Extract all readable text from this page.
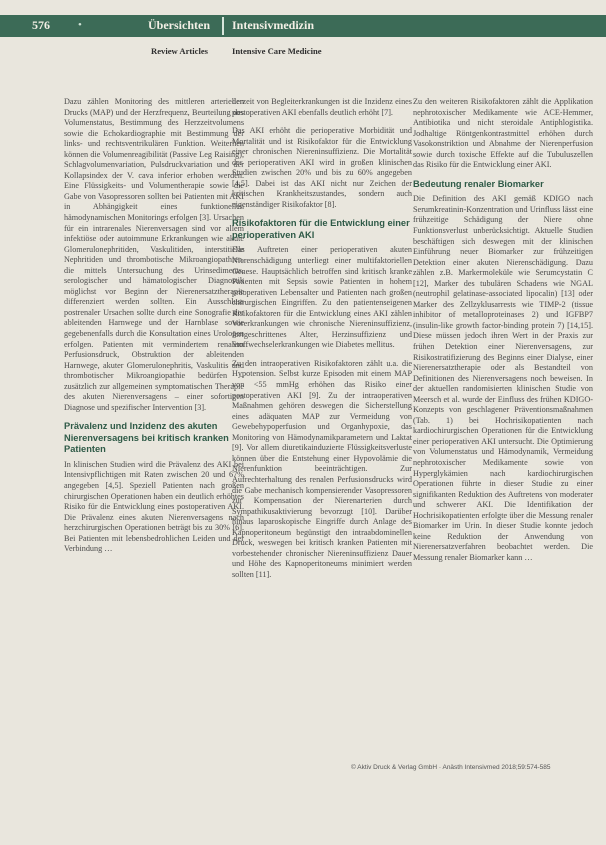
576	•	Übersichten Intensivmedizin
Review Articles	Intensive Care Medicine

Dazu zählen Monitoring des mittleren arteriellen Drucks (MAP) und der Herzfrequenz, Beurteilung des Volumenstatus, Bestimmung des Herzzeitvolumens sowie die Echokardiographie mit Bestimmung der links- und rechtsventrikulären Funktion. Weiterhen können die Volumenreagibilität (Passive Leg Raising), Schlagvolumenvariation, Pulsdruckvariation und der Kollapsindex der V. cava inferior erhoben werden. Eine Flüssigkeits- und Volumentherapie sowie die Gabe von Vasopressoren sollten bei Patienten mit AKI in Abhängigkeit eines funktionellen hämodynamischen Monitorings erfolgen [3]. Ursachen für ein intrarenales Nierenversagen sind vor allem infektiöse oder autoimmune Erkrankungen wie akute Glomerulonephritiden, Vaskulitiden, interstitielle Nephritiden und thrombotische Mikroangiopathien, die mittels Untersuchung des Urinsediments, serologischer und hämatologischer Diagnostik möglichst vor Beginn der Nierenersatztherapie differenziert werden sollten. Ein Ausschluss postrenaler Ursachen sollte durch eine Sonografie der ableitenden Harnwege und der Harnblase sowie gegebenenfalls durch die Konsultation eines Urologen erfolgen. Patienten mit vermindertem renalem Perfusionsdruck, Obstruktion der ableitenden Harnwege, akuter Glomerulonephritis, Vaskulitis und thrombotischer Mikroangiopathie bedürfen – zusätzlich zur allgemeinen symptomatischen Therapie des akuten Nierenversagens – einer sofortigen Diagnose und spezifischer Intervention [3].

Prävalenz und Inzidenz des akuten Nierenversagens bei kritisch kranken Patienten

In klinischen Studien wird die Prävalenz des AKI bei Intensivpflichtigen mit Raten zwischen 20 und 67% angegeben [4,5]. Speziell Patienten nach großen chirurgischen Operationen haben ein deutlich erhöhtes Risiko für die Entwicklung eines postoperativen AKI. Die Prävalenz eines akuten Nierenversagens nach herzchirurgischen Operationen beträgt bis zu 30% [6]. Bei Patienten mit lebensbedrohlichen Leiden und der Verbindung …

derzeit von Begleiterkrankungen ist die Inzidenz eines postoperativen AKI ebenfalls deutlich erhöht [7].

Das AKI erhöht die perioperative Morbidität und Mortalität und ist Risikofaktor für die Entwicklung einer chronischen Niereninsuffizienz. Die Mortalität des perioperativen AKI wird in großen klinischen Studien zwischen 20% und bis zu 60% angegeben [4,5]. Dabei ist das AKI nicht nur Zeichen der kritischen Krankheitszustandes, sondern auch eigenständiger Risikofaktor [8].

Risikofaktoren für die Entwicklung einer perioperativen AKI

Das Auftreten einer perioperativen akuten Nierenschädigung unterliegt einer multifaktoriellen Genese. Hauptsächlich betroffen sind kritisch kranke Patienten mit Sepsis sowie Patienten in hohem präoperativen Lebensalter und Patienten nach großen chirurgischen Eingriffen. Zu den patientenseigenen Risikofaktoren für die Entwicklung eines AKI zählen Vorerkrankungen wie chronische Niereninsuffizienz, fortgeschrittenes Alter, Herzinsuffizienz und Stoffwechselerkrankungen wie Diabetes mellitus.

Zu den intraoperativen Risikofaktoren zählt u.a. die Hypotension. Selbst kurze Episoden mit einem MAP von <55 mmHg erhöhen das Risiko einer postoperativen AKI [9]. Zu der intraoperativen Maßnahmen gehören deswegen die Sicherstellung eines adäquaten MAP zur Vermeidung von Gewebehypoperfusion und Organhypoxie, das Monitoring von Hämodynamikparametern und Laktat [9]. Vor allem diuretikainduzierte Flüssigkeitsverluste können über die Entstehung einer Hypovolämie die Nierenfunktion beeinträchtigen. Zur Aufrechterhaltung des renalen Perfusionsdrucks wird die Gabe mechanisch kompensierender Vasopressoren zur Kompensation der Nierenarterien durch Sympathikusaktivierung bevorzugt [10]. Darüber hinaus laparoskopische Eingriffe durch Anlage des Kapnoperitoneum begünstigt den intraabdominellen Druck, weswegen bei kritisch kranken Patienten mit vorbestehender chronischer Niereninsuffizienz Dauer und Höhe des Kapnoperitoneums minimiert werden sollten [11].

Zu den weiteren Risikofaktoren zählt die Applikation nephrotoxischer Medikamente wie ACE-Hemmer, Antibiotika und nicht steroidale Antiphlogistika. Jodhaltige Röntgenkontrastmittel erhöhen durch Vasokonstriktion und Abnahme der Nierenperfusion sowie durch toxische Effekte auf die Tubuluszellen das Risiko für die Entwicklung einer AKI.

Bedeutung renaler Biomarker

Die Definition des AKI gemäß KDIGO nach Serumkreatinin-Konzentration und Urinfluss lässt eine frühzeitige Schädigung der Niere ohne Funktionsverlust unberücksichtigt. Aktuelle Studien beschäftigen sich deswegen mit der klinischen Einführung neuer Biomarker zur frühzeitigen Detektion einer akuten Nierenschädigung. Dazu zählen z.B. Markermoleküle wie Serumcystatin C [12], Marker des tubulären Schadens wie NGAL (neutrophil gelatinase-associated lipocalin) [13] oder Marker des Zellzyklusarrests wie TIMP-2 (tissue inhibitor of metalloproteinases 2) und IGFBP7 (insulin-like growth factor-binding protein 7) [14,15]. Diese müssen jedoch ihren Wert in der Praxis zur frühen Detektion einer Nierenversagens, zur Risikostratifizierung des Beginns einer Dialyse, einer Nierenersatztherapie oder als Bestandteil von Definitionen des Nierenversagens noch beweisen. In der aktuellen randomisierten klinischen Studie von Meersch et al. wurde der Einfluss des frühen KDIGO-Konzepts von geschlagener Präventionsmaßnahmen (Tab. 1) bei Hochrisikopatienten nach kardiochirurgischen Operationen für die Entwicklung einer perioperativen AKI untersucht. Die Optimierung von Volumenstatus und Hämodynamik, Vermeidung nephrotoxischer Medikamente sowie von Hyperglykämien nach kardiochirurgischen Operationen führte in dieser Studie zu einer signifikanten Reduktion des Auftretens von moderater und schwerer AKI. Die Identifikation der Hochrisikopatienten erfolgte über die Messung renaler Biomarker im Urin. In dieser Studie konnte jedoch keine Reduktion der Anwendung von Nierenersatzverfahren beobachtet werden. Die Messung renaler Biomarker kann …

© Aktiv Druck & Verlag GmbH · Anästh Intensivmed 2018;59:574-585
